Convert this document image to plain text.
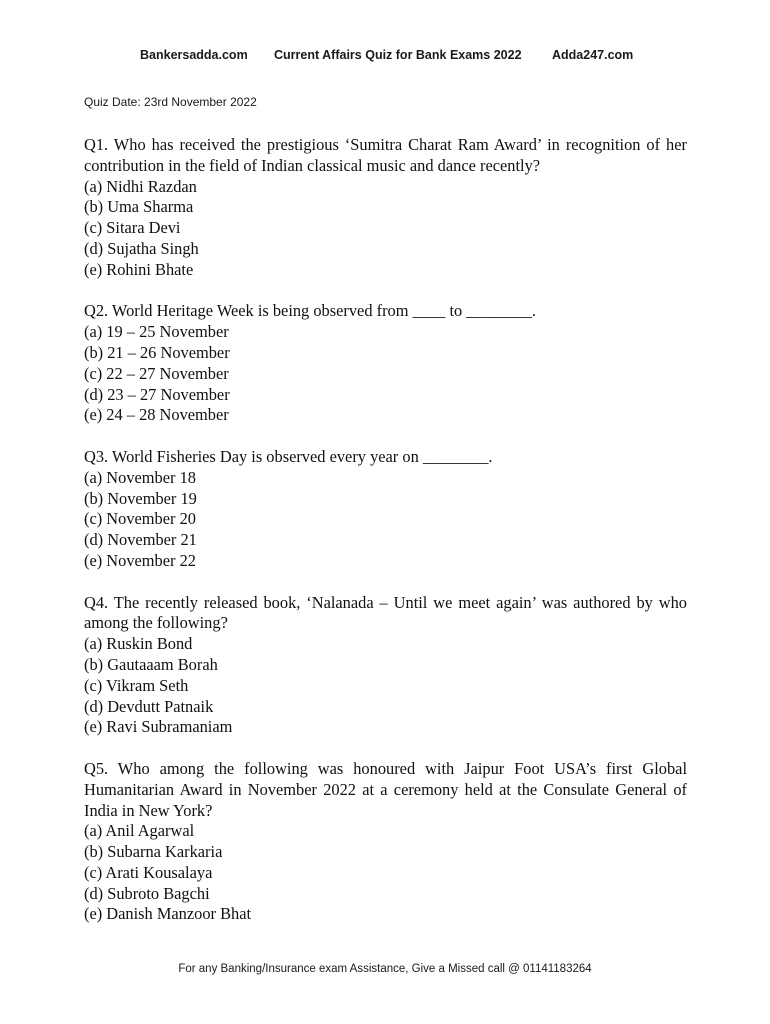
Bankersadda.com Current Affairs Quiz for Bank Exams 2022 Adda247.com
Quiz Date: 23rd November 2022

Q1. Who has received the prestigious ‘Sumitra Charat Ram Award’ in recognition of her contribution in the field of Indian classical music and dance recently?

(a) Nidhi Razdan
(b) Uma Sharma
(c) Sitara Devi
(d) Sujatha Singh
(e) Rohini Bhate

Q2. World Heritage Week is being observed from ____ to ________.

(a) 19 – 25 November
(b) 21 – 26 November
(c) 22 – 27 November
(d) 23 – 27 November
(e) 24 – 28 November

Q3. World Fisheries Day is observed every year on ________.

(a) November 18
(b) November 19
(c) November 20
(d) November 21
(e) November 22

Q4. The recently released book, ‘Nalanada – Until we meet again’ was authored by who among the following?

(a) Ruskin Bond
(b) Gautaaam Borah
(c) Vikram Seth
(d) Devdutt Patnaik
(e) Ravi Subramaniam

Q5. Who among the following was honoured with Jaipur Foot USA’s first Global Humanitarian Award in November 2022 at a ceremony held at the Consulate General of India in New York?

(a) Anil Agarwal
(b) Subarna Karkaria
(c) Arati Kousalaya
(d) Subroto Bagchi
(e) Danish Manzoor Bhat
For any Banking/Insurance exam Assistance, Give a Missed call @ 01141183264
